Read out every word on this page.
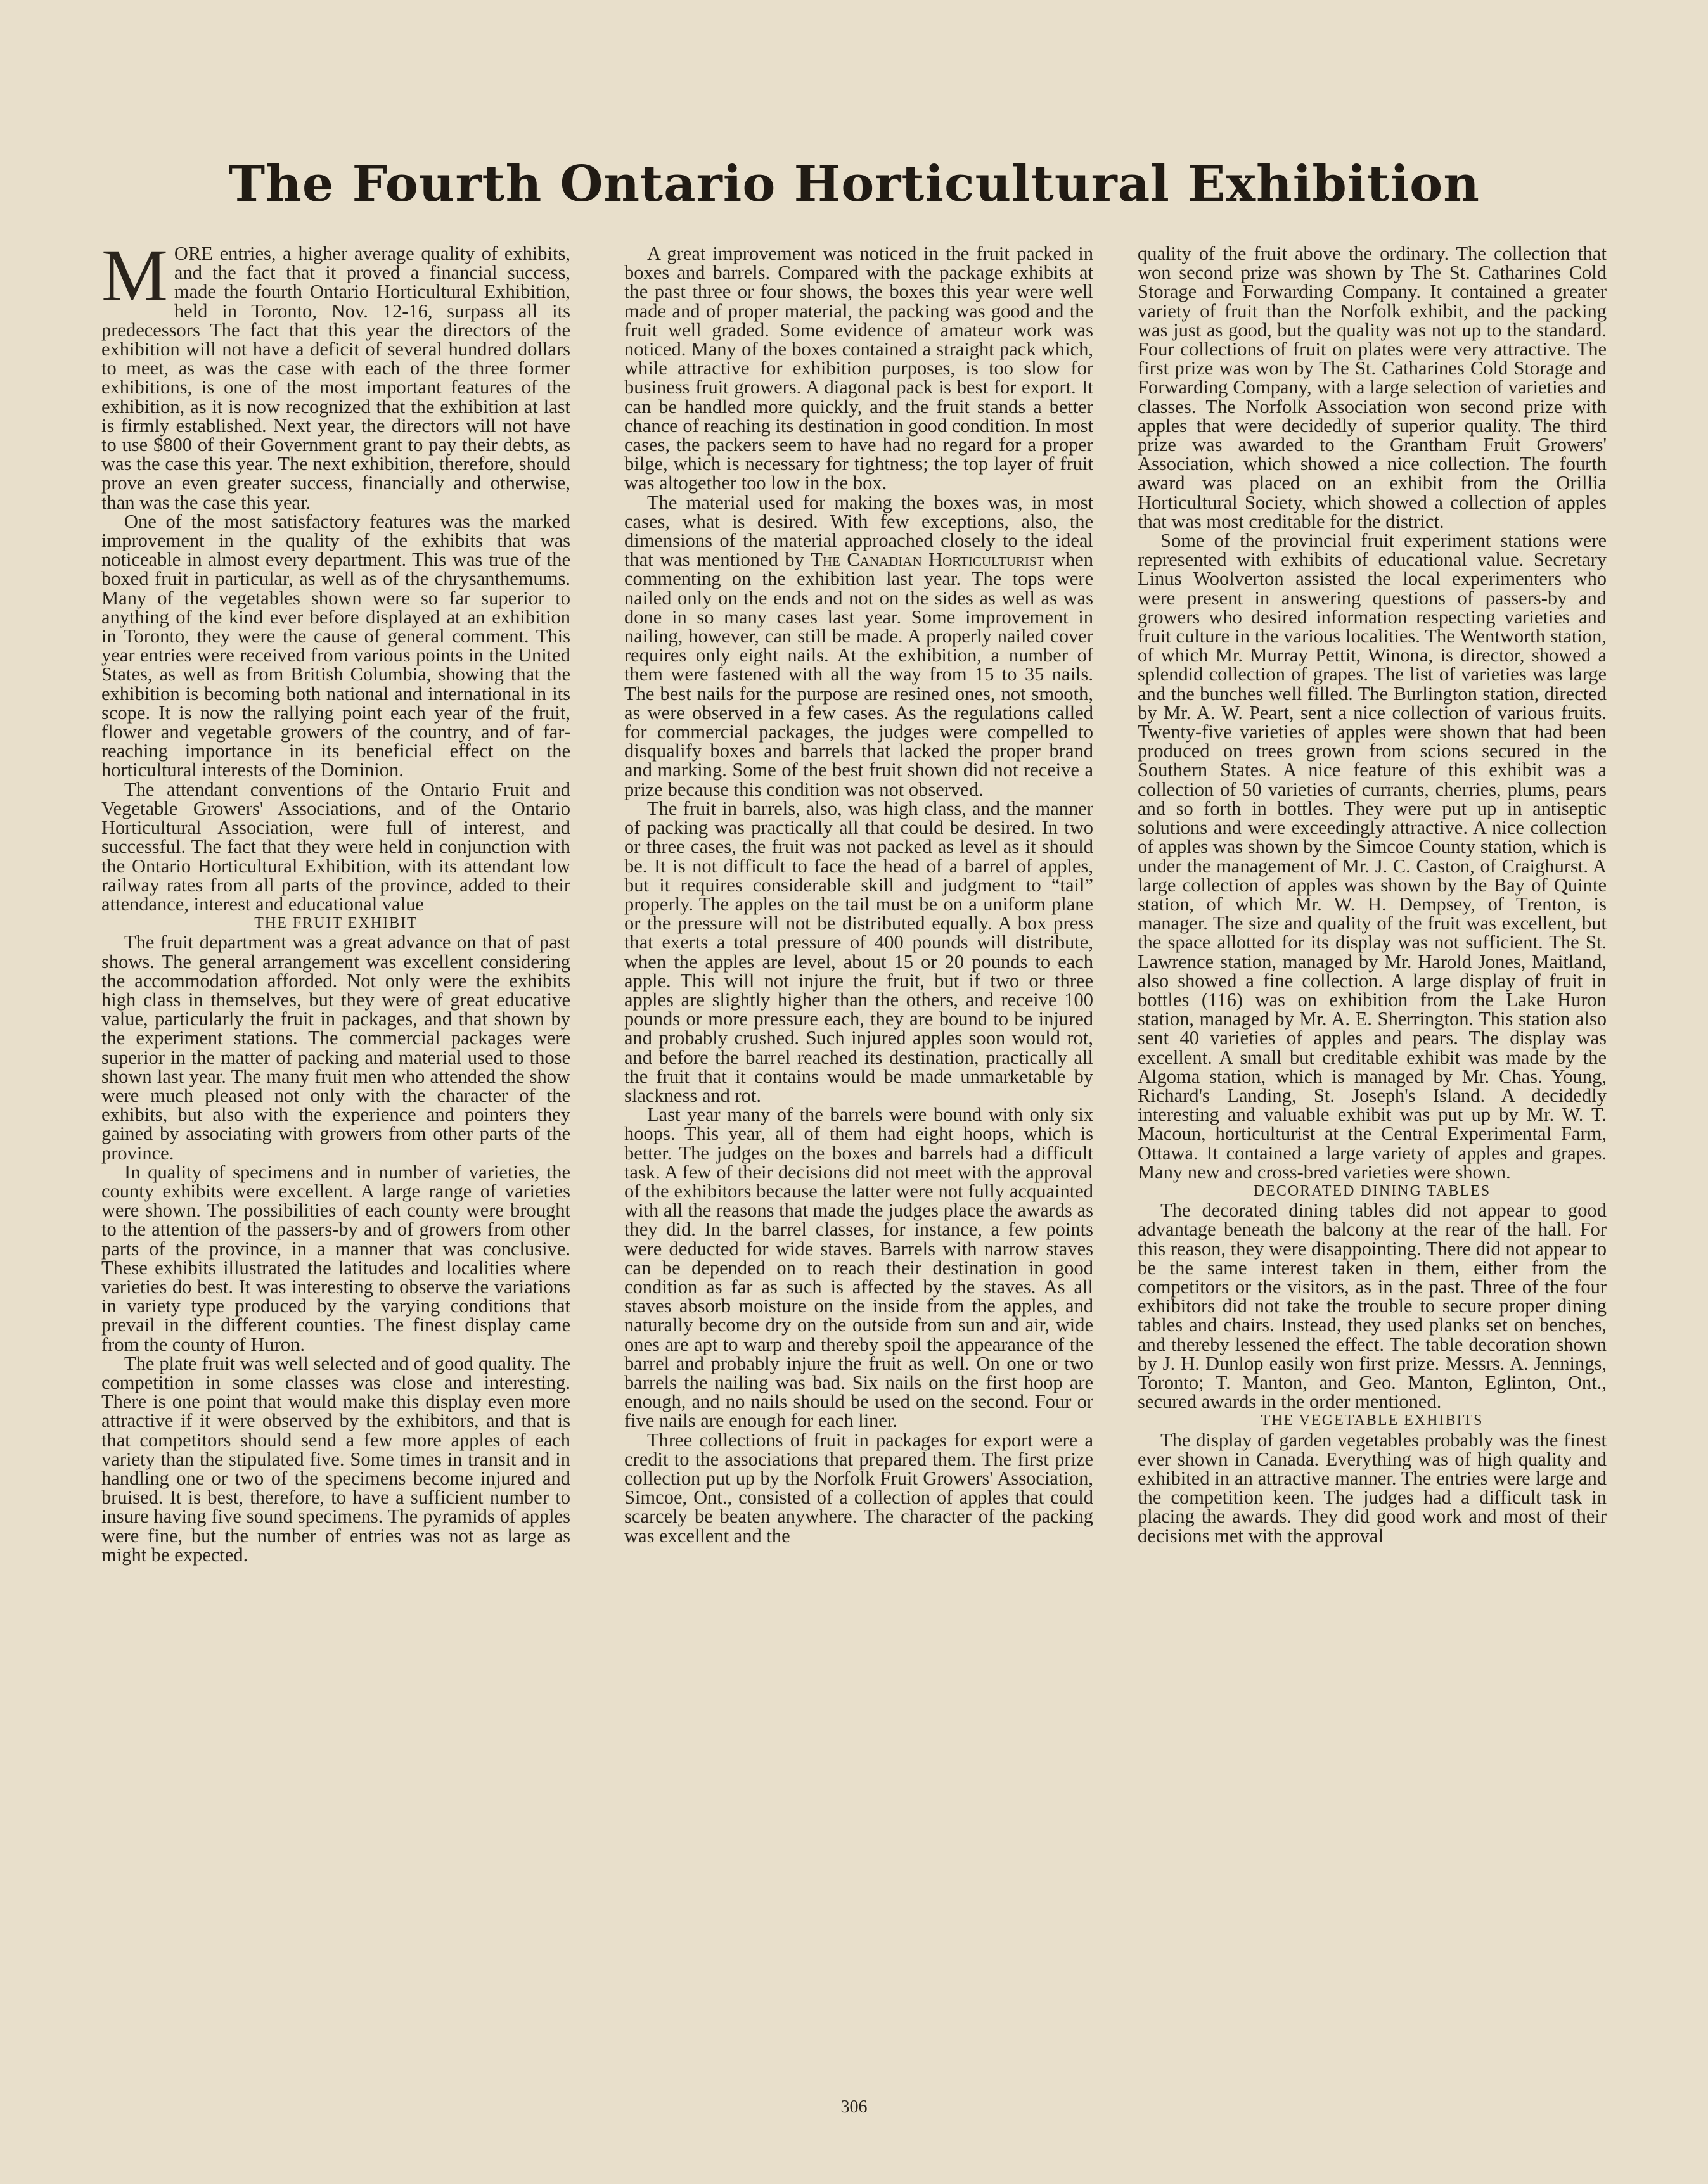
The Fourth Ontario Horticultural Exhibition

MORE entries, a higher average quality of exhibits, and the fact that it proved a financial success, made the fourth Ontario Horticultural Exhibition, held in Toronto, Nov. 12-16, surpass all its predecessors The fact that this year the directors of the exhibition will not have a deficit of several hundred dollars to meet, as was the case with each of the three former exhibitions, is one of the most important features of the exhibition, as it is now recognized that the exhibition at last is firmly established. Next year, the directors will not have to use $800 of their Government grant to pay their debts, as was the case this year. The next exhibition, therefore, should prove an even greater success, financially and otherwise, than was the case this year.

One of the most satisfactory features was the marked improvement in the quality of the exhibits that was noticeable in almost every department. This was true of the boxed fruit in particular, as well as of the chrysanthemums. Many of the vegetables shown were so far superior to anything of the kind ever before displayed at an exhibition in Toronto, they were the cause of general comment. This year entries were received from various points in the United States, as well as from British Columbia, showing that the exhibition is becoming both national and international in its scope. It is now the rallying point each year of the fruit, flower and vegetable growers of the country, and of far-reaching importance in its beneficial effect on the horticultural interests of the Dominion.

The attendant conventions of the Ontario Fruit and Vegetable Growers' Associations, and of the Ontario Horticultural Association, were full of interest, and successful. The fact that they were held in conjunction with the Ontario Horticultural Exhibition, with its attendant low railway rates from all parts of the province, added to their attendance, interest and educational value

THE FRUIT EXHIBIT

The fruit department was a great advance on that of past shows. The general arrangement was excellent considering the accommodation afforded. Not only were the exhibits high class in themselves, but they were of great educative value, particularly the fruit in packages, and that shown by the experiment stations. The commercial packages were superior in the matter of packing and material used to those shown last year. The many fruit men who attended the show were much pleased not only with the character of the exhibits, but also with the experience and pointers they gained by associating with growers from other parts of the province.

In quality of specimens and in number of varieties, the county exhibits were excellent. A large range of varieties were shown. The possibilities of each county were brought to the attention of the passers-by and of growers from other parts of the province, in a manner that was conclusive. These exhibits illustrated the latitudes and localities where varieties do best. It was interesting to observe the variations in variety type produced by the varying conditions that prevail in the different counties. The finest display came from the county of Huron.

The plate fruit was well selected and of good quality. The competition in some classes was close and interesting. There is one point that would make this display even more attractive if it were observed by the exhibitors, and that is that competitors should send a few more apples of each variety than the stipulated five. Some times in transit and in handling one or two of the specimens become injured and bruised. It is best, therefore, to have a sufficient number to insure having five sound specimens. The pyramids of apples were fine, but the number of entries was not as large as might be expected.

A great improvement was noticed in the fruit packed in boxes and barrels. Compared with the package exhibits at the past three or four shows, the boxes this year were well made and of proper material, the packing was good and the fruit well graded. Some evidence of amateur work was noticed. Many of the boxes contained a straight pack which, while attractive for exhibition purposes, is too slow for business fruit growers. A diagonal pack is best for export. It can be handled more quickly, and the fruit stands a better chance of reaching its destination in good condition. In most cases, the packers seem to have had no regard for a proper bilge, which is necessary for tightness; the top layer of fruit was altogether too low in the box.

The material used for making the boxes was, in most cases, what is desired. With few exceptions, also, the dimensions of the material approached closely to the ideal that was mentioned by The Canadian Horticulturist when commenting on the exhibition last year. The tops were nailed only on the ends and not on the sides as well as was done in so many cases last year. Some improvement in nailing, however, can still be made. A properly nailed cover requires only eight nails. At the exhibition, a number of them were fastened with all the way from 15 to 35 nails. The best nails for the purpose are resined ones, not smooth, as were observed in a few cases. As the regulations called for commercial packages, the judges were compelled to disqualify boxes and barrels that lacked the proper brand and marking. Some of the best fruit shown did not receive a prize because this condition was not observed.

The fruit in barrels, also, was high class, and the manner of packing was practically all that could be desired. In two or three cases, the fruit was not packed as level as it should be. It is not difficult to face the head of a barrel of apples, but it requires considerable skill and judgment to “tail” properly. The apples on the tail must be on a uniform plane or the pressure will not be distributed equally. A box press that exerts a total pressure of 400 pounds will distribute, when the apples are level, about 15 or 20 pounds to each apple. This will not injure the fruit, but if two or three apples are slightly higher than the others, and receive 100 pounds or more pressure each, they are bound to be injured and probably crushed. Such injured apples soon would rot, and before the barrel reached its destination, practically all the fruit that it contains would be made unmarketable by slackness and rot.

Last year many of the barrels were bound with only six hoops. This year, all of them had eight hoops, which is better. The judges on the boxes and barrels had a difficult task. A few of their decisions did not meet with the approval of the exhibitors because the latter were not fully acquainted with all the reasons that made the judges place the awards as they did. In the barrel classes, for instance, a few points were deducted for wide staves. Barrels with narrow staves can be depended on to reach their destination in good condition as far as such is affected by the staves. As all staves absorb moisture on the inside from the apples, and naturally become dry on the outside from sun and air, wide ones are apt to warp and thereby spoil the appearance of the barrel and probably injure the fruit as well. On one or two barrels the nailing was bad. Six nails on the first hoop are enough, and no nails should be used on the second. Four or five nails are enough for each liner.

Three collections of fruit in packages for export were a credit to the associations that prepared them. The first prize collection put up by the Norfolk Fruit Growers' Association, Simcoe, Ont., consisted of a collection of apples that could scarcely be beaten anywhere. The character of the packing was excellent and the

quality of the fruit above the ordinary. The collection that won second prize was shown by The St. Catharines Cold Storage and Forwarding Company. It contained a greater variety of fruit than the Norfolk exhibit, and the packing was just as good, but the quality was not up to the standard. Four collections of fruit on plates were very attractive. The first prize was won by The St. Catharines Cold Storage and Forwarding Company, with a large selection of varieties and classes. The Norfolk Association won second prize with apples that were decidedly of superior quality. The third prize was awarded to the Grantham Fruit Growers' Association, which showed a nice collection. The fourth award was placed on an exhibit from the Orillia Horticultural Society, which showed a collection of apples that was most creditable for the district.

Some of the provincial fruit experiment stations were represented with exhibits of educational value. Secretary Linus Woolverton assisted the local experimenters who were present in answering questions of passers-by and growers who desired information respecting varieties and fruit culture in the various localities. The Wentworth station, of which Mr. Murray Pettit, Winona, is director, showed a splendid collection of grapes. The list of varieties was large and the bunches well filled. The Burlington station, directed by Mr. A. W. Peart, sent a nice collection of various fruits. Twenty-five varieties of apples were shown that had been produced on trees grown from scions secured in the Southern States. A nice feature of this exhibit was a collection of 50 varieties of currants, cherries, plums, pears and so forth in bottles. They were put up in antiseptic solutions and were exceedingly attractive. A nice collection of apples was shown by the Simcoe County station, which is under the management of Mr. J. C. Caston, of Craighurst. A large collection of apples was shown by the Bay of Quinte station, of which Mr. W. H. Dempsey, of Trenton, is manager. The size and quality of the fruit was excellent, but the space allotted for its display was not sufficient. The St. Lawrence station, managed by Mr. Harold Jones, Maitland, also showed a fine collection. A large display of fruit in bottles (116) was on exhibition from the Lake Huron station, managed by Mr. A. E. Sherrington. This station also sent 40 varieties of apples and pears. The display was excellent. A small but creditable exhibit was made by the Algoma station, which is managed by Mr. Chas. Young, Richard's Landing, St. Joseph's Island. A decidedly interesting and valuable exhibit was put up by Mr. W. T. Macoun, horticulturist at the Central Experimental Farm, Ottawa. It contained a large variety of apples and grapes. Many new and cross-bred varieties were shown.

DECORATED DINING TABLES

The decorated dining tables did not appear to good advantage beneath the balcony at the rear of the hall. For this reason, they were disappointing. There did not appear to be the same interest taken in them, either from the competitors or the visitors, as in the past. Three of the four exhibitors did not take the trouble to secure proper dining tables and chairs. Instead, they used planks set on benches, and thereby lessened the effect. The table decoration shown by J. H. Dunlop easily won first prize. Messrs. A. Jennings, Toronto; T. Manton, and Geo. Manton, Eglinton, Ont., secured awards in the order mentioned.

THE VEGETABLE EXHIBITS

The display of garden vegetables probably was the finest ever shown in Canada. Everything was of high quality and exhibited in an attractive manner. The entries were large and the competition keen. The judges had a difficult task in placing the awards. They did good work and most of their decisions met with the approval

306
